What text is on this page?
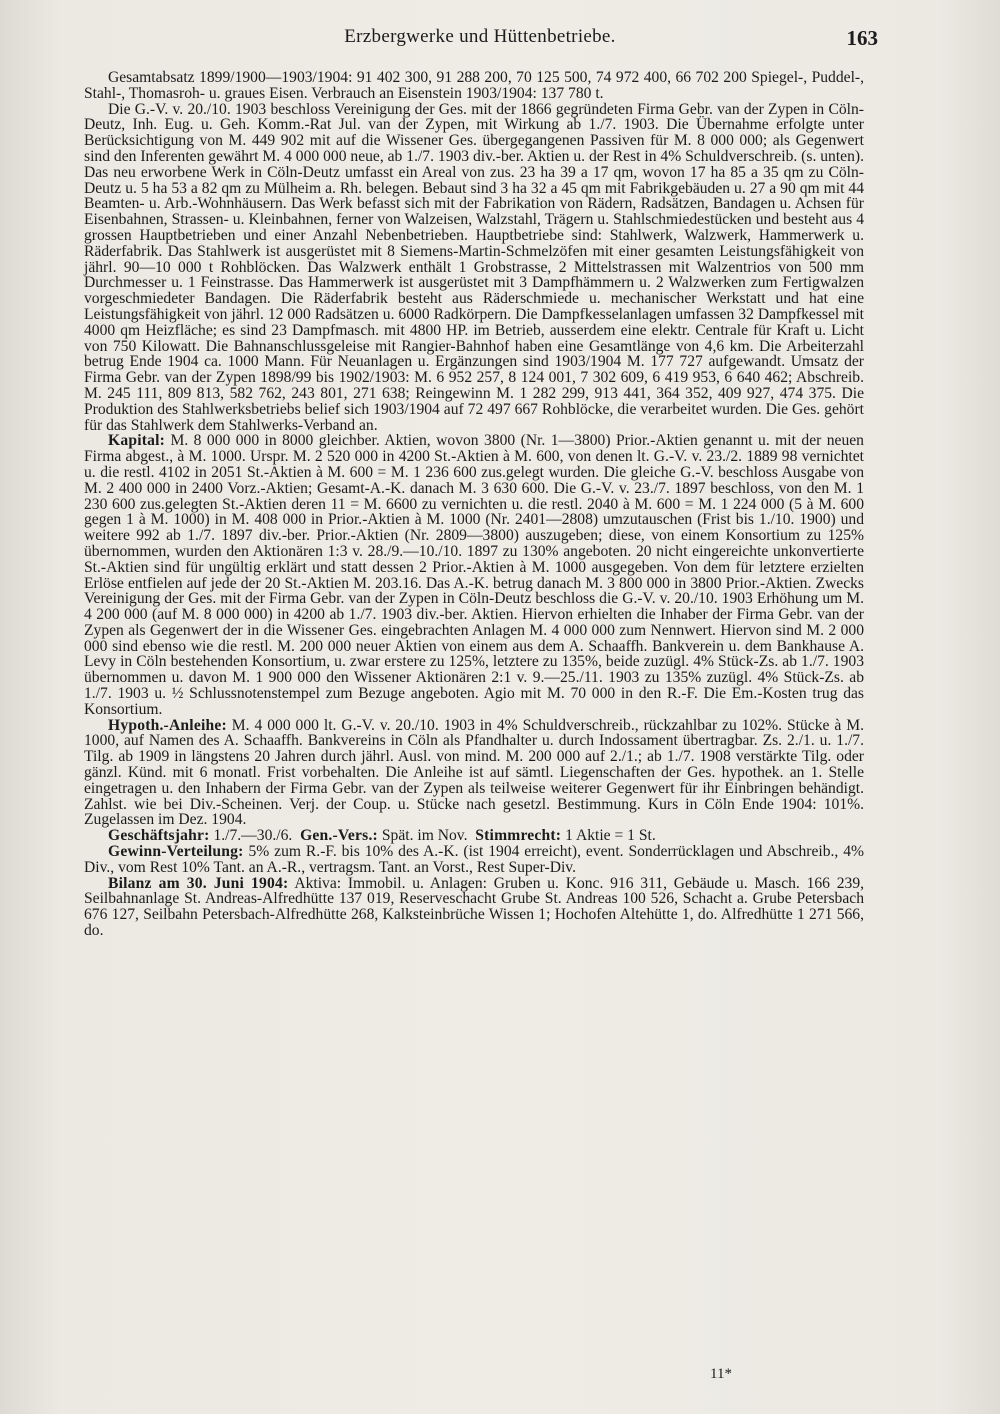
Erzbergwerke und Hüttenbetriebe.	163

Gesamtabsatz 1899/1900—1903/1904: 91 402 300, 91 288 200, 70 125 500, 74 972 400, 66 702 200 Spiegel-, Puddel-, Stahl-, Thomasroh- u. graues Eisen. Verbrauch an Eisenstein 1903/1904: 137 780 t.

Die G.-V. v. 20./10. 1903 beschloss Vereinigung der Ges. mit der 1866 gegründeten Firma Gebr. van der Zypen in Cöln-Deutz, Inh. Eug. u. Geh. Komm.-Rat Jul. van der Zypen, mit Wirkung ab 1./7. 1903. Die Übernahme erfolgte unter Berücksichtigung von M. 449 902 mit auf die Wissener Ges. übergegangenen Passiven für M. 8 000 000; als Gegenwert sind den Inferenten gewährt M. 4 000 000 neue, ab 1./7. 1903 div.-ber. Aktien u. der Rest in 4% Schuldverschreib. (s. unten). Das neu erworbene Werk in Cöln-Deutz umfasst ein Areal von zus. 23 ha 39 a 17 qm, wovon 17 ha 85 a 35 qm zu Cöln-Deutz u. 5 ha 53 a 82 qm zu Mülheim a. Rh. belegen. Bebaut sind 3 ha 32 a 45 qm mit Fabrikgebäuden u. 27 a 90 qm mit 44 Beamten- u. Arb.-Wohnhäusern. Das Werk befasst sich mit der Fabrikation von Rädern, Radsätzen, Bandagen u. Achsen für Eisenbahnen, Strassen- u. Kleinbahnen, ferner von Walzeisen, Walzstahl, Trägern u. Stahlschmiedestücken und besteht aus 4 grossen Hauptbetrieben und einer Anzahl Nebenbetrieben. Hauptbetriebe sind: Stahlwerk, Walzwerk, Hammerwerk u. Räderfabrik. Das Stahlwerk ist ausgerüstet mit 8 Siemens-Martin-Schmelzöfen mit einer gesamten Leistungsfähigkeit von jährl. 90—10 000 t Rohblöcken. Das Walzwerk enthält 1 Grobstrasse, 2 Mittelstrassen mit Walzentrios von 500 mm Durchmesser u. 1 Feinstrasse. Das Hammerwerk ist ausgerüstet mit 3 Dampfhämmern u. 2 Walzwerken zum Fertigwalzen vorgeschmiedeter Bandagen. Die Räderfabrik besteht aus Räderschmiede u. mechanischer Werkstatt und hat eine Leistungsfähigkeit von jährl. 12 000 Radsätzen u. 6000 Radkörpern. Die Dampfkesselanlagen umfassen 32 Dampfkessel mit 4000 qm Heizfläche; es sind 23 Dampfmasch. mit 4800 HP. im Betrieb, ausserdem eine elektr. Centrale für Kraft u. Licht von 750 Kilowatt. Die Bahnanschlussgeleise mit Rangier-Bahnhof haben eine Gesamtlänge von 4,6 km. Die Arbeiterzahl betrug Ende 1904 ca. 1000 Mann. Für Neuanlagen u. Ergänzungen sind 1903/1904 M. 177 727 aufgewandt. Umsatz der Firma Gebr. van der Zypen 1898/99 bis 1902/1903: M. 6 952 257, 8 124 001, 7 302 609, 6 419 953, 6 640 462; Abschreib. M. 245 111, 809 813, 582 762, 243 801, 271 638; Reingewinn M. 1 282 299, 913 441, 364 352, 409 927, 474 375. Die Produktion des Stahlwerksbetriebs belief sich 1903/1904 auf 72 497 667 Rohblöcke, die verarbeitet wurden. Die Ges. gehört für das Stahlwerk dem Stahlwerks-Verband an.

Kapital: M. 8 000 000 in 8000 gleichber. Aktien, wovon 3800 (Nr. 1—3800) Prior.-Aktien genannt u. mit der neuen Firma abgest., à M. 1000. Urspr. M. 2 520 000 in 4200 St.-Aktien à M. 600, von denen lt. G.-V. v. 23./2. 1889 98 vernichtet u. die restl. 4102 in 2051 St.-Aktien à M. 600 = M. 1 236 600 zus.gelegt wurden. Die gleiche G.-V. beschloss Ausgabe von M. 2 400 000 in 2400 Vorz.-Aktien; Gesamt-A.-K. danach M. 3 630 600. Die G.-V. v. 23./7. 1897 beschloss, von den M. 1 230 600 zus.gelegten St.-Aktien deren 11 = M. 6600 zu vernichten u. die restl. 2040 à M. 600 = M. 1 224 000 (5 à M. 600 gegen 1 à M. 1000) in M. 408 000 in Prior.-Aktien à M. 1000 (Nr. 2401—2808) umzutauschen (Frist bis 1./10. 1900) und weitere 992 ab 1./7. 1897 div.-ber. Prior.-Aktien (Nr. 2809—3800) auszugeben; diese, von einem Konsortium zu 125% übernommen, wurden den Aktionären 1:3 v. 28./9.—10./10. 1897 zu 130% angeboten. 20 nicht eingereichte unkonvertierte St.-Aktien sind für ungültig erklärt und statt dessen 2 Prior.-Aktien à M. 1000 ausgegeben. Von dem für letztere erzielten Erlöse entfielen auf jede der 20 St.-Aktien M. 203.16. Das A.-K. betrug danach M. 3 800 000 in 3800 Prior.-Aktien. Zwecks Vereinigung der Ges. mit der Firma Gebr. van der Zypen in Cöln-Deutz beschloss die G.-V. v. 20./10. 1903 Erhöhung um M. 4 200 000 (auf M. 8 000 000) in 4200 ab 1./7. 1903 div.-ber. Aktien. Hiervon erhielten die Inhaber der Firma Gebr. van der Zypen als Gegenwert der in die Wissener Ges. eingebrachten Anlagen M. 4 000 000 zum Nennwert. Hiervon sind M. 2 000 000 sind ebenso wie die restl. M. 200 000 neuer Aktien von einem aus dem A. Schaaffh. Bankverein u. dem Bankhause A. Levy in Cöln bestehenden Konsortium, u. zwar erstere zu 125%, letztere zu 135%, beide zuzügl. 4% Stück-Zs. ab 1./7. 1903 übernommen u. davon M. 1 900 000 den Wissener Aktionären 2:1 v. 9.—25./11. 1903 zu 135% zuzügl. 4% Stück-Zs. ab 1./7. 1903 u. ½ Schlussnotenstempel zum Bezuge angeboten. Agio mit M. 70 000 in den R.-F. Die Em.-Kosten trug das Konsortium.

Hypoth.-Anleihe: M. 4 000 000 lt. G.-V. v. 20./10. 1903 in 4% Schuldverschreib., rückzahlbar zu 102%. Stücke à M. 1000, auf Namen des A. Schaaffh. Bankvereins in Cöln als Pfandhalter u. durch Indossament übertragbar. Zs. 2./1. u. 1./7. Tilg. ab 1909 in längstens 20 Jahren durch jährl. Ausl. von mind. M. 200 000 auf 2./1.; ab 1./7. 1908 verstärkte Tilg. oder gänzl. Künd. mit 6 monatl. Frist vorbehalten. Die Anleihe ist auf sämtl. Liegenschaften der Ges. hypothek. an 1. Stelle eingetragen u. den Inhabern der Firma Gebr. van der Zypen als teilweise weiterer Gegenwert für ihr Einbringen behändigt. Zahlst. wie bei Div.-Scheinen. Verj. der Coup. u. Stücke nach gesetzl. Bestimmung. Kurs in Cöln Ende 1904: 101%. Zugelassen im Dez. 1904.

Geschäftsjahr: 1./7.—30./6. Gen.-Vers.: Spät. im Nov. Stimmrecht: 1 Aktie = 1 St.

Gewinn-Verteilung: 5% zum R.-F. bis 10% des A.-K. (ist 1904 erreicht), event. Sonderrücklagen und Abschreib., 4% Div., vom Rest 10% Tant. an A.-R., vertragsm. Tant. an Vorst., Rest Super-Div.

Bilanz am 30. Juni 1904: Aktiva: Immobil. u. Anlagen: Gruben u. Konc. 916 311, Gebäude u. Masch. 166 239, Seilbahnanlage St. Andreas-Alfredhütte 137 019, Reserveschacht Grube St. Andreas 100 526, Schacht a. Grube Petersbach 676 127, Seilbahn Petersbach-Alfredhütte 268, Kalksteinbrüche Wissen 1; Hochofen Altehütte 1, do. Alfredhütte 1 271 566, do.

11*
